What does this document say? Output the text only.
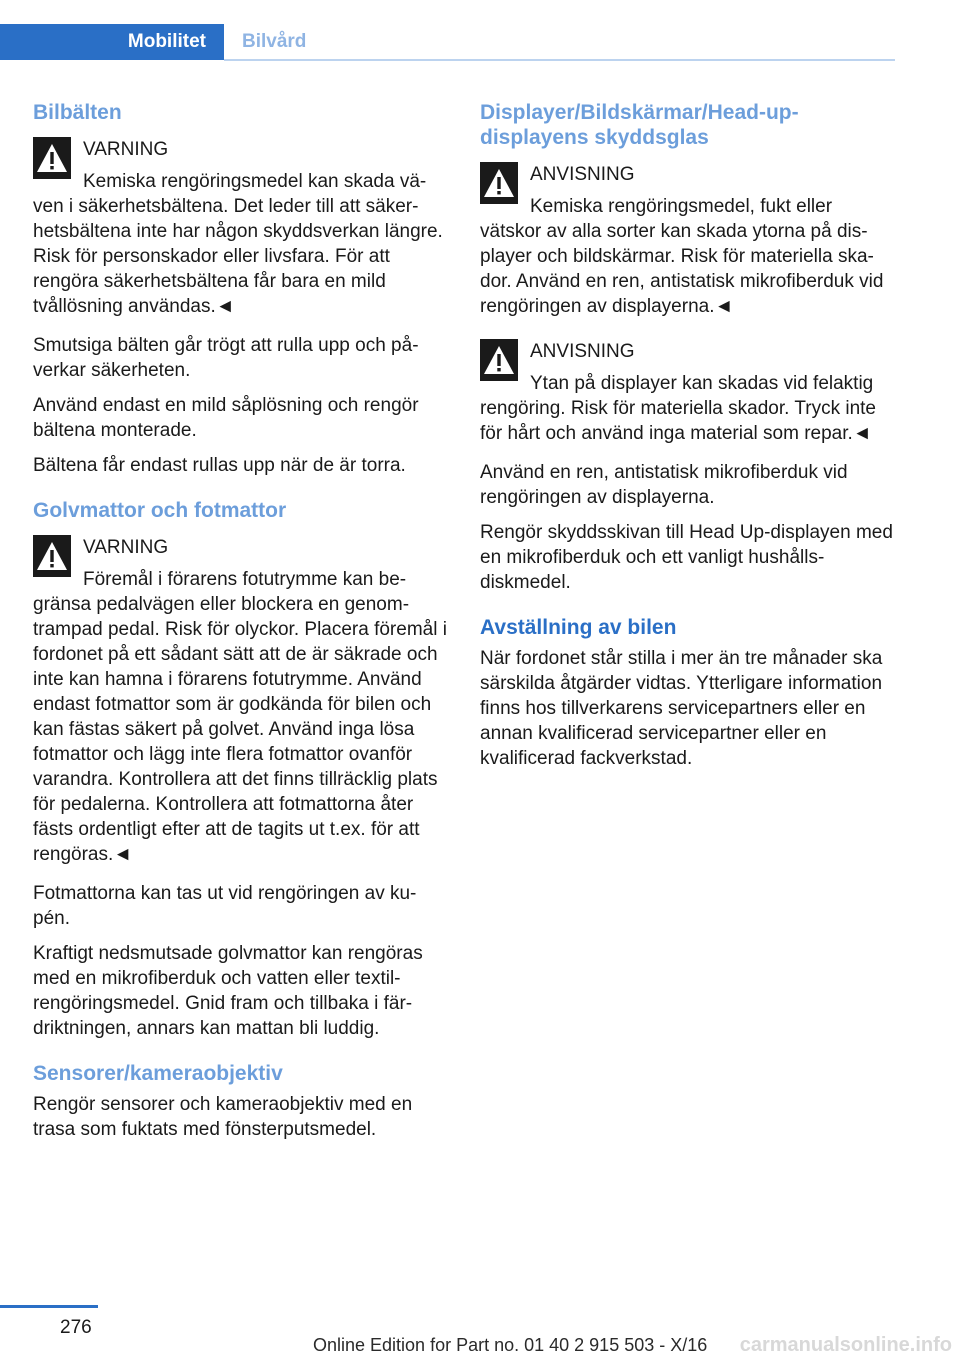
Mobilitet	Bilvård
Bilbälten
VARNING
Kemiska rengöringsmedel kan skada väven i säkerhetsbältena. Det leder till att säkerhetsbältena inte har någon skyddsverkan längre. Risk för personskador eller livsfara. För att rengöra säkerhetsbältena får bara en mild tvållösning användas.◄

Smutsiga bälten går trögt att rulla upp och påverkar säkerheten.

Använd endast en mild såplösning och rengör bältena monterade.

Bältena får endast rullas upp när de är torra.

Golvmattor och fotmattor
VARNING
Föremål i förarens fotutrymme kan begränsa pedalvägen eller blockera en genomtrampad pedal. Risk för olyckor. Placera föremål i fordonet på ett sådant sätt att de är säkrade och inte kan hamna i förarens fotutrymme. Använd endast fotmattor som är godkända för bilen och kan fästas säkert på golvet. Använd inga lösa fotmattor och lägg inte flera fotmattor ovanför varandra. Kontrollera att det finns tillräcklig plats för pedalerna. Kontrollera att fotmattorna åter fästs ordentligt efter att de tagits ut t.ex. för att rengöras.◄

Fotmattorna kan tas ut vid rengöringen av kupén.

Kraftigt nedsmutsade golvmattor kan rengöras med en mikrofiberduk och vatten eller textilrengöringsmedel. Gnid fram och tillbaka i färdriktningen, annars kan mattan bli luddig.

Sensorer/kameraobjektiv

Rengör sensorer och kameraobjektiv med en trasa som fuktats med fönsterputsmedel.

Displayer/Bildskärmar/Head-up-displayens skyddsglas
ANVISNING
Kemiska rengöringsmedel, fukt eller vätskor av alla sorter kan skada ytorna på displayer och bildskärmar. Risk för materiella skador. Använd en ren, antistatisk mikrofiberduk vid rengöringen av displayerna.◄
ANVISNING
Ytan på displayer kan skadas vid felaktig rengöring. Risk för materiella skador. Tryck inte för hårt och använd inga material som repar.◄

Använd en ren, antistatisk mikrofiberduk vid rengöringen av displayerna.

Rengör skyddsskivan till Head Up-displayen med en mikrofiberduk och ett vanligt hushållsdiskmedel.

Avställning av bilen

När fordonet står stilla i mer än tre månader ska särskilda åtgärder vidtas. Ytterligare information finns hos tillverkarens servicepartners eller en annan kvalificerad servicepartner eller en kvalificerad fackverkstad.

276
Online Edition for Part no. 01 40 2 915 503 - X/16 carmanualsonline.info
